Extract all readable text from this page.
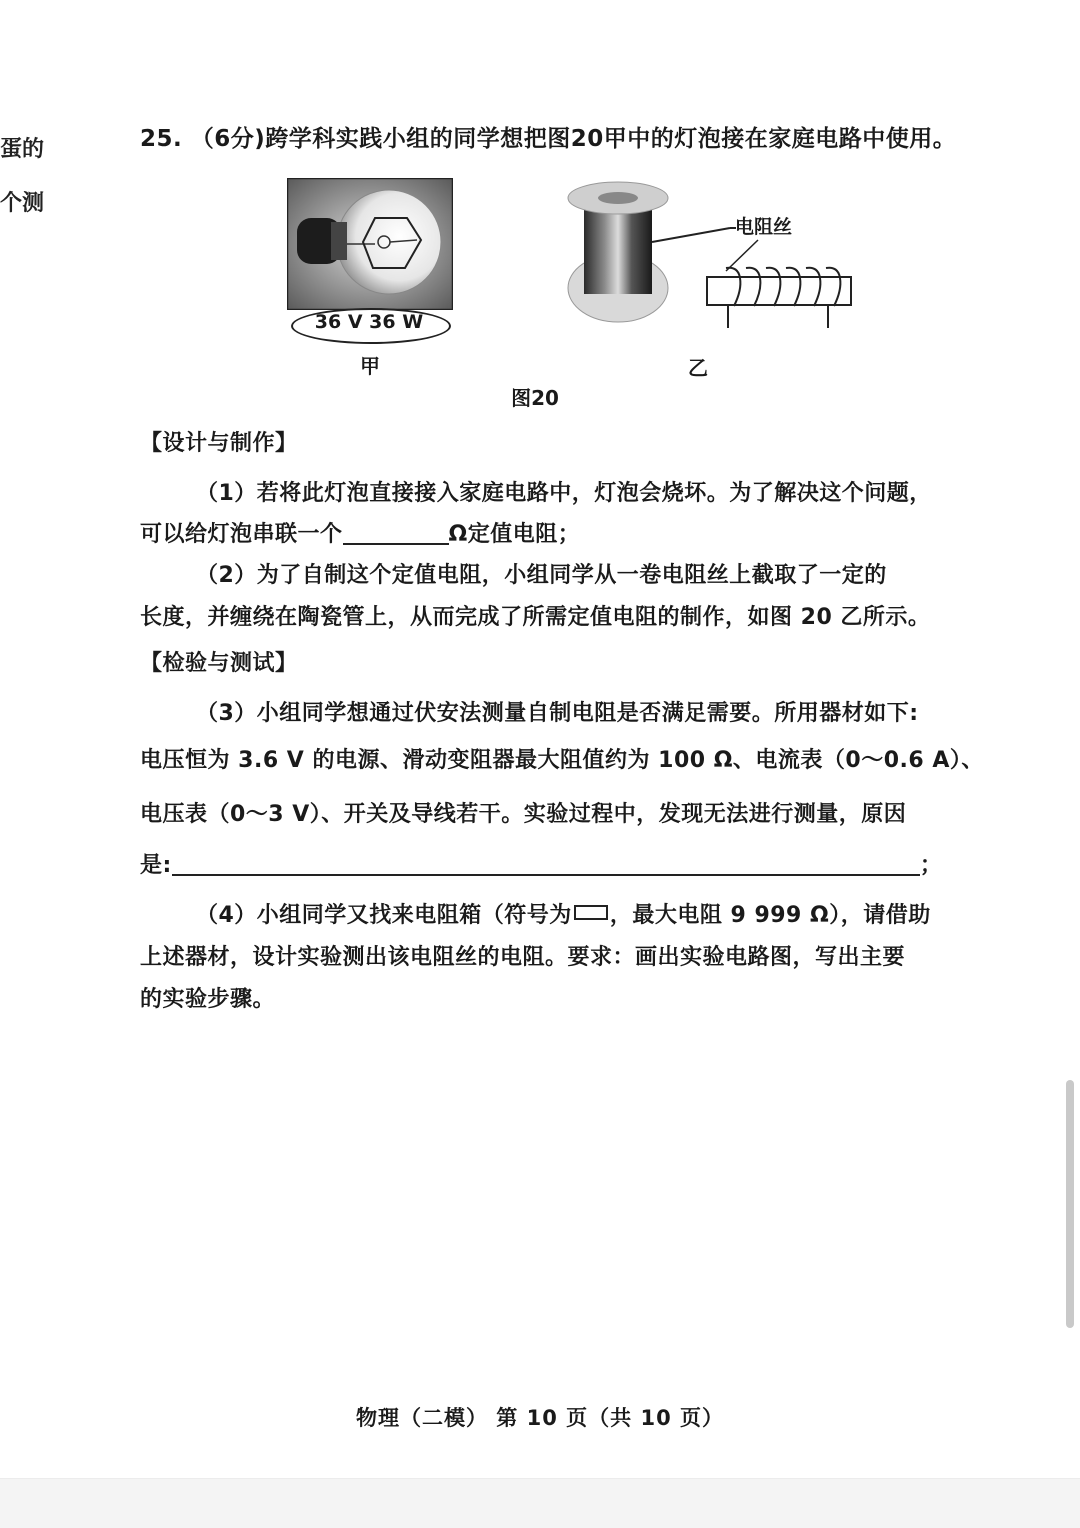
蛋的
个测
25. （6分)跨学科实践小组的同学想把图20甲中的灯泡接在家庭电路中使用。
36 V 36 W
甲
电阻丝
乙
图20
【设计与制作】
（1）若将此灯泡直接接入家庭电路中，灯泡会烧坏。为了解决这个问题，
可以给灯泡串联一个	Ω定值电阻；
（2）为了自制这个定值电阻，小组同学从一卷电阻丝上截取了一定的
长度，并缠绕在陶瓷管上，从而完成了所需定值电阻的制作，如图 20 乙所示。
【检验与测试】
（3）小组同学想通过伏安法测量自制电阻是否满足需要。所用器材如下:
电压恒为 3.6 V 的电源、滑动变阻器最大阻值约为 100 Ω、电流表（0～0.6 A）、
电压表（0～3 V）、开关及导线若干。实验过程中，发现无法进行测量，原因
是:	；
（4）小组同学又找来电阻箱（符号为 ，最大电阻 9 999 Ω），请借助
上述器材，设计实验测出该电阻丝的电阻。要求：画出实验电路图，写出主要
的实验步骤。
物理（二模） 第 10 页（共 10 页）
